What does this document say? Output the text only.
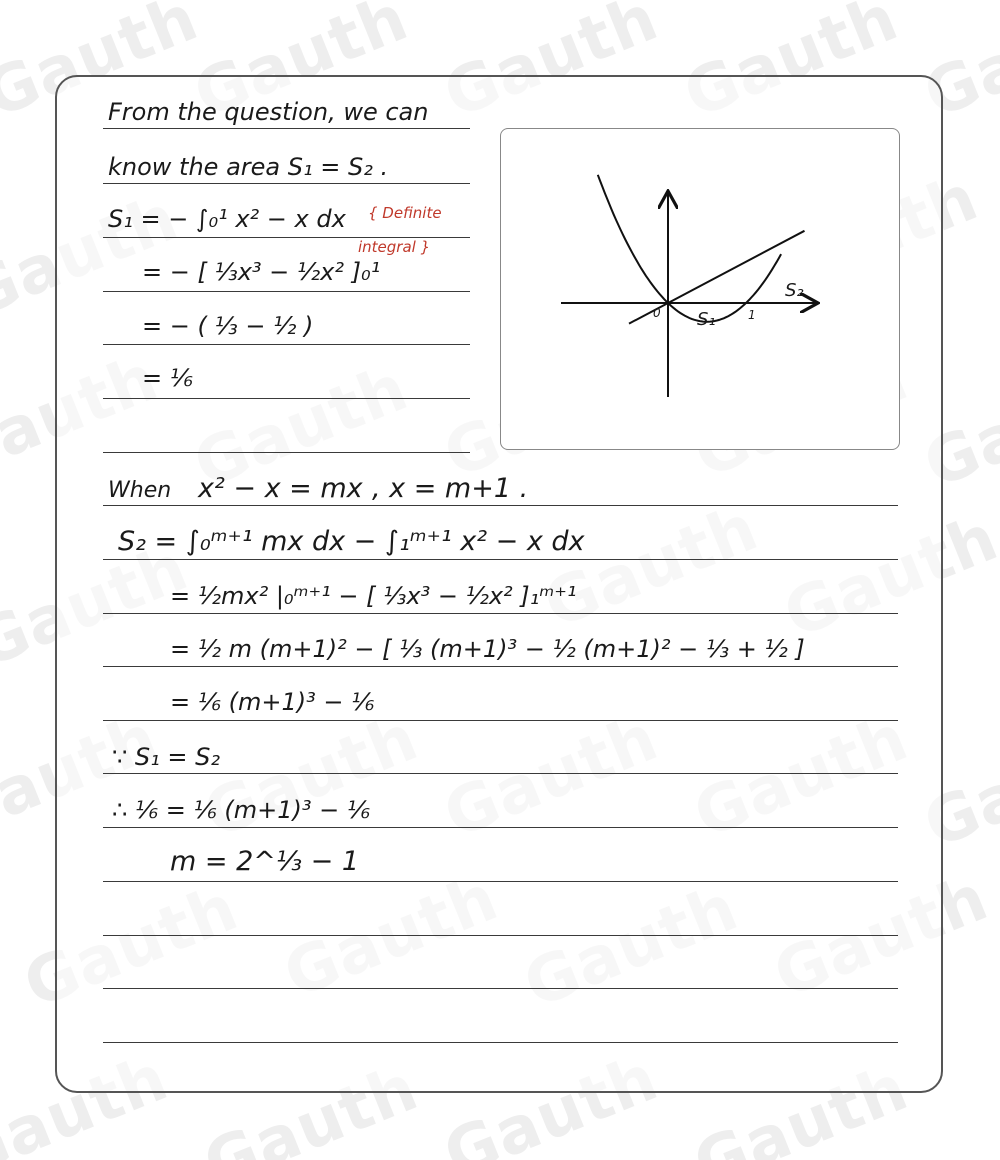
Gauth
Gauth
Gauth
Gauth
Gauth
Gauth
Gauth
Gauth
Gauth
Gauth
Gauth
Gauth
Gauth
Gauth
Gauth
Gauth
Gauth
Gauth
Gauth
Gauth
Gauth
Gauth
Gauth
Gauth
Gauth
Gauth
Gauth
Gauth
Gauth
From the question, we can
know the area S₁ = S₂ .
S₁ = − ∫₀¹ x² − x dx
= − [ ⅓x³ − ½x² ]₀¹
= − ( ⅓ − ½ )
= ⅙
{ Definite
integral }
S₂
S₁
0	1
When x² − x = mx , x = m+1 .
S₂ = ∫₀ᵐ⁺¹ mx dx − ∫₁ᵐ⁺¹ x² − x dx
= ½mx² |₀ᵐ⁺¹ − [ ⅓x³ − ½x² ]₁ᵐ⁺¹
= ½ m (m+1)² − [ ⅓ (m+1)³ − ½ (m+1)² − ⅓ + ½ ]
= ⅙ (m+1)³ − ⅙
∵ S₁ = S₂
∴ ⅙ = ⅙ (m+1)³ − ⅙
m = 2^⅓ − 1
